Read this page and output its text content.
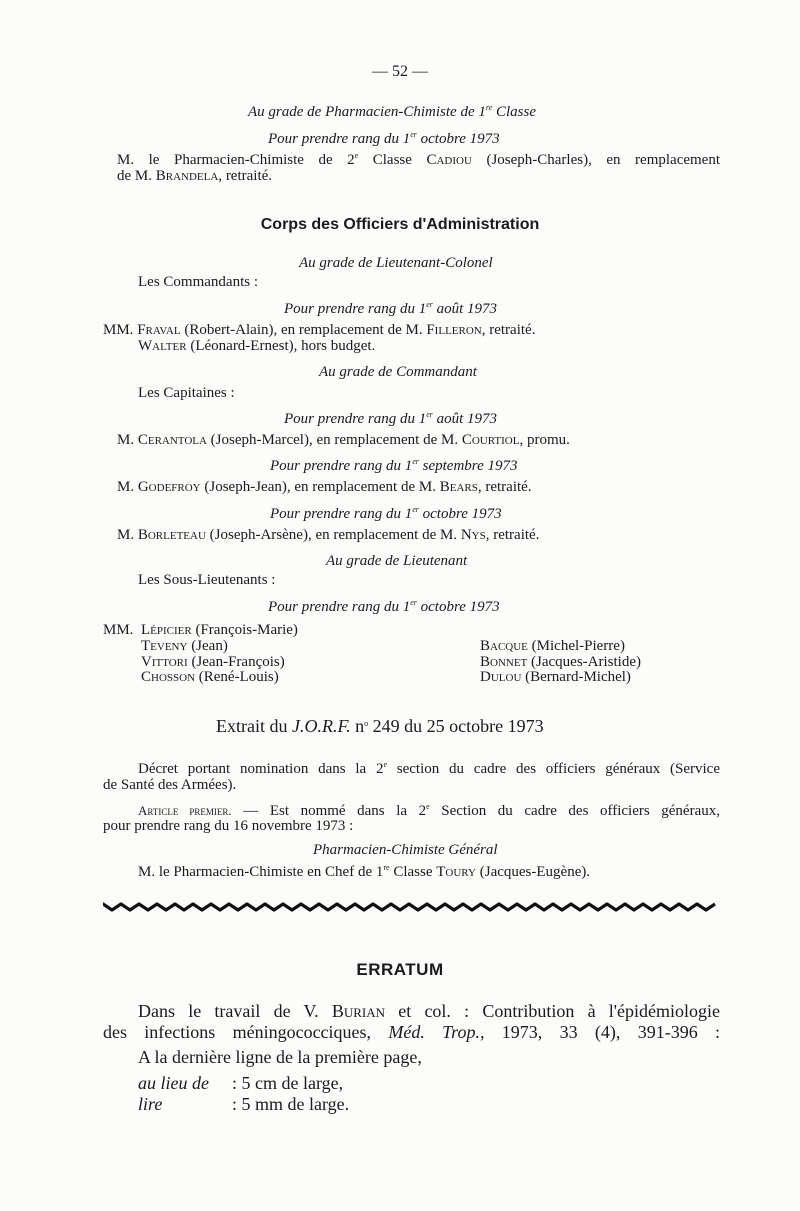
— 52 —
Au grade de Pharmacien-Chimiste de 1re Classe
Pour prendre rang du 1er octobre 1973
M. le Pharmacien-Chimiste de 2e Classe Cadiou (Joseph-Charles), en remplacement
de M. Brandela, retraité.
Corps des Officiers d'Administration
Au grade de Lieutenant-Colonel
Les Commandants :
Pour prendre rang du 1er août 1973
MM. Fraval (Robert-Alain), en remplacement de M. Filleron, retraité.
Walter (Léonard-Ernest), hors budget.
Au grade de Commandant
Les Capitaines :
Pour prendre rang du 1er août 1973
M. Cerantola (Joseph-Marcel), en remplacement de M. Courtiol, promu.
Pour prendre rang du 1er septembre 1973
M. Godefroy (Joseph-Jean), en remplacement de M. Bears, retraité.
Pour prendre rang du 1er octobre 1973
M. Borleteau (Joseph-Arsène), en remplacement de M. Nys, retraité.
Au grade de Lieutenant
Les Sous-Lieutenants :
Pour prendre rang du 1er octobre 1973
MM. Lépicier (François-Marie)
Teveny (Jean)
Vittori (Jean-François)
Chosson (René-Louis)
Bacque (Michel-Pierre)
Bonnet (Jacques-Aristide)
Dulou (Bernard-Michel)
Extrait du J.O.R.F. $n^o$ 249 du 25 octobre 1973
Décret portant nomination dans la 2e section du cadre des officiers généraux (Service
de Santé des Armées).
Article premier. — Est nommé dans la 2e Section du cadre des officiers généraux,
pour prendre rang du 16 novembre 1973 :
Pharmacien-Chimiste Général
M. le Pharmacien-Chimiste en Chef de 1re Classe Toury (Jacques-Eugène).
ERRATUM
Dans le travail de V. Burian et col. : Contribution à l'épidémiologie
des infections méningococciques, Méd. Trop., 1973, 33 (4), 391-396 :
A la dernière ligne de la première page,
au lieu de : 5 cm de large,
lire	: 5 mm de large.
